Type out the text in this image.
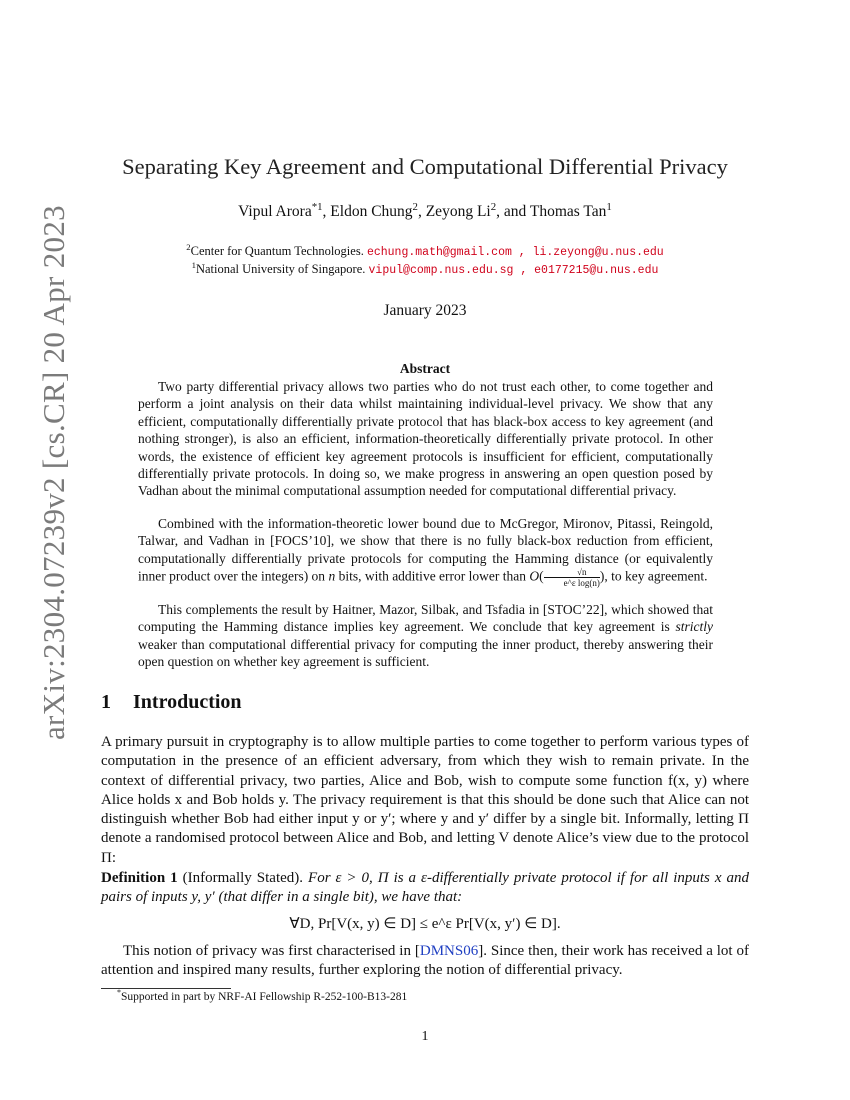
arXiv:2304.07239v2 [cs.CR] 20 Apr 2023
Separating Key Agreement and Computational Differential Privacy
Vipul Arora$^{*1}$, Eldon Chung$^2$, Zeyong Li$^2$, and Thomas Tan$^1$
$^2$Center for Quantum Technologies. echung.math@gmail.com , li.zeyong@u.nus.edu
$^1$National University of Singapore. vipul@comp.nus.edu.sg , e0177215@u.nus.edu
January 2023
Abstract
Two party differential privacy allows two parties who do not trust each other, to come together and perform a joint analysis on their data whilst maintaining individual-level privacy. We show that any efficient, computationally differentially private protocol that has black-box access to key agreement (and nothing stronger), is also an efficient, information-theoretically differentially private protocol. In other words, the existence of efficient key agreement protocols is insufficient for efficient, computationally differentially private protocols. In doing so, we make progress in answering an open question posed by Vadhan about the minimal computational assumption needed for computational differential privacy.
Combined with the information-theoretic lower bound due to McGregor, Mironov, Pitassi, Reingold, Talwar, and Vadhan in [FOCS’10], we show that there is no fully black-box reduction from efficient, computationally differentially private protocols for computing the Hamming distance (or equivalently inner product over the integers) on n bits, with additive error lower than $O( \frac{√n}{\text{e\textasciicircum{}ε log(n)}}$ ), to key agreement.
This complements the result by Haitner, Mazor, Silbak, and Tsfadia in [STOC’22], which showed that computing the Hamming distance implies key agreement. We conclude that key agreement is strictly weaker than computational differential privacy for computing the inner product, thereby answering their open question on whether key agreement is sufficient.
1 Introduction
A primary pursuit in cryptography is to allow multiple parties to come together to perform various types of computation in the presence of an efficient adversary, from which they wish to remain private. In the context of differential privacy, two parties, Alice and Bob, wish to compute some function f(x, y) where Alice holds x and Bob holds y. The privacy requirement is that this should be done such that Alice can not distinguish whether Bob had either input y or y′; where y and y′ differ by a single bit. Informally, letting Π denote a randomised protocol between Alice and Bob, and letting V denote Alice’s view due to the protocol Π:
Definition 1 (Informally Stated). For ε > 0, Π is a ε-differentially private protocol if for all inputs x and pairs of inputs y, y′ (that differ in a single bit), we have that:
∀D, Pr[V(x, y) ∈ D] ≤ e^ε Pr[V(x, y′) ∈ D].
This notion of privacy was first characterised in [DMNS06]. Since then, their work has received a lot of attention and inspired many results, further exploring the notion of differential privacy.
*Supported in part by NRF-AI Fellowship R-252-100-B13-281
1
